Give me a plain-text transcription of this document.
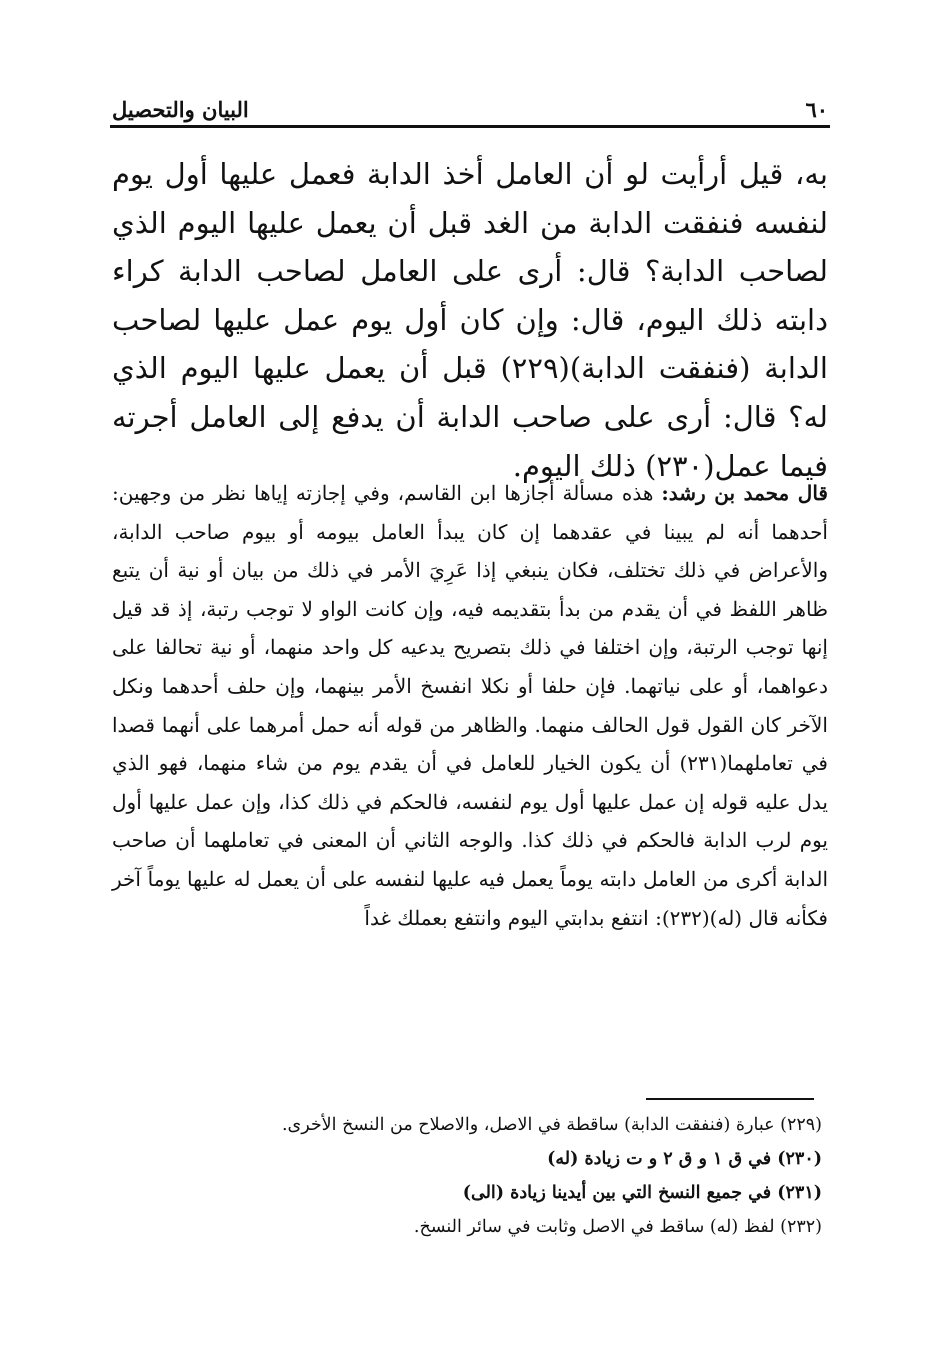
٦٠
البيان والتحصيل
به، قيل أرأيت لو أن العامل أخذ الدابة فعمل عليها أول يوم لنفسه فنفقت الدابة من الغد قبل أن يعمل عليها اليوم الذي لصاحب الدابة؟ قال: أرى على العامل لصاحب الدابة كراء دابته ذلك اليوم، قال: وإن كان أول يوم عمل عليها لصاحب الدابة (فنفقت الدابة)(٢٢٩) قبل أن يعمل عليها اليوم الذي له؟ قال: أرى على صاحب الدابة أن يدفع إلى العامل أجرته فيما عمل(٢٣٠) ذلك اليوم.
قال محمد بن رشد: هذه مسألة أجازها ابن القاسم، وفي إجازته إياها نظر من وجهين: أحدهما أنه لم يبينا في عقدهما إن كان يبدأ العامل بيومه أو بيوم صاحب الدابة، والأعراض في ذلك تختلف، فكان ينبغي إذا عَرِيَ الأمر في ذلك من بيان أو نية أن يتبع ظاهر اللفظ في أن يقدم من بدأ بتقديمه فيه، وإن كانت الواو لا توجب رتبة، إذ قد قيل إنها توجب الرتبة، وإن اختلفا في ذلك بتصريح يدعيه كل واحد منهما، أو نية تحالفا على دعواهما، أو على نياتهما. فإن حلفا أو نكلا انفسخ الأمر بينهما، وإن حلف أحدهما ونكل الآخر كان القول قول الحالف منهما. والظاهر من قوله أنه حمل أمرهما على أنهما قصدا في تعاملهما(٢٣١) أن يكون الخيار للعامل في أن يقدم يوم من شاء منهما، فهو الذي يدل عليه قوله إن عمل عليها أول يوم لنفسه، فالحكم في ذلك كذا، وإن عمل عليها أول يوم لرب الدابة فالحكم في ذلك كذا. والوجه الثاني أن المعنى في تعاملهما أن صاحب الدابة أكرى من العامل دابته يوماً يعمل فيه عليها لنفسه على أن يعمل له عليها يوماً آخر فكأنه قال (له)(٢٣٢): انتفع بدابتي اليوم وانتفع بعملك غداً
(٢٢٩) عبارة (فنفقت الدابة) ساقطة في الاصل، والاصلاح من النسخ الأخرى.
(٢٣٠) في ق ١ و ق ٢ و ت زيادة (له)
(٢٣١) في جميع النسخ التي بين أيدينا زيادة (الى)
(٢٣٢) لفظ (له) ساقط في الاصل وثابت في سائر النسخ.
